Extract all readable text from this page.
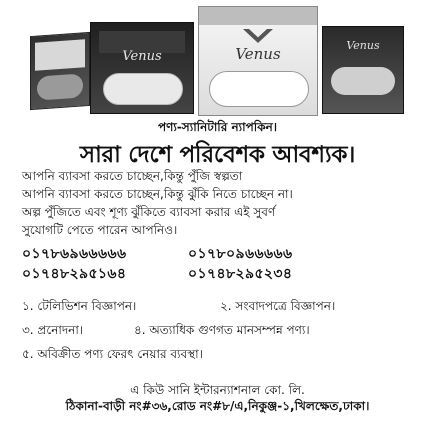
Venus	Venus	Venus
পণ্য-স্যানিটারি ন্যাপকিন।
সারা দেশে পরিবেশক আবশ্যক।
আপনি ব্যাবসা করতে চাচ্ছেন,কিন্তু পুঁজি স্বল্পতা
আপনি ব্যাবসা করতে চাচ্ছেন,কিন্তু ঝুঁকি নিতে চাচ্ছেন না।
অল্প পুঁজিতে এবং শূণ্য ঝুঁকিতে ব্যাবসা করার এই সুবর্ণ
সুযোগটি পেতে পারেন আপনিও।
০১৭৮৬৯৬৬৬৬৬	০১৭৮০৯৬৬৬৬৬
০১৭৪৮২৯৫১৬৪	০১৭৪৮২৯৫২৩৪
১. টেলিভিশন বিজ্ঞাপন।	২. সংবাদপত্রে বিজ্ঞাপন।
৩. প্রনোদনা।	৪. অত্যাধিক গুণগত মানসম্পন্ন পণ্য।
৫. অবিক্রীত পণ্য ফেরৎ নেয়ার ব্যবস্থা।
এ কিউ সানি ইন্টারন্যাশনাল কো. লি.
ঠিকানা-বাড়ী নং#৩৬,রোড নং#৮/এ,নিকুঞ্জ-১,খিলক্ষেত,ঢাকা।
